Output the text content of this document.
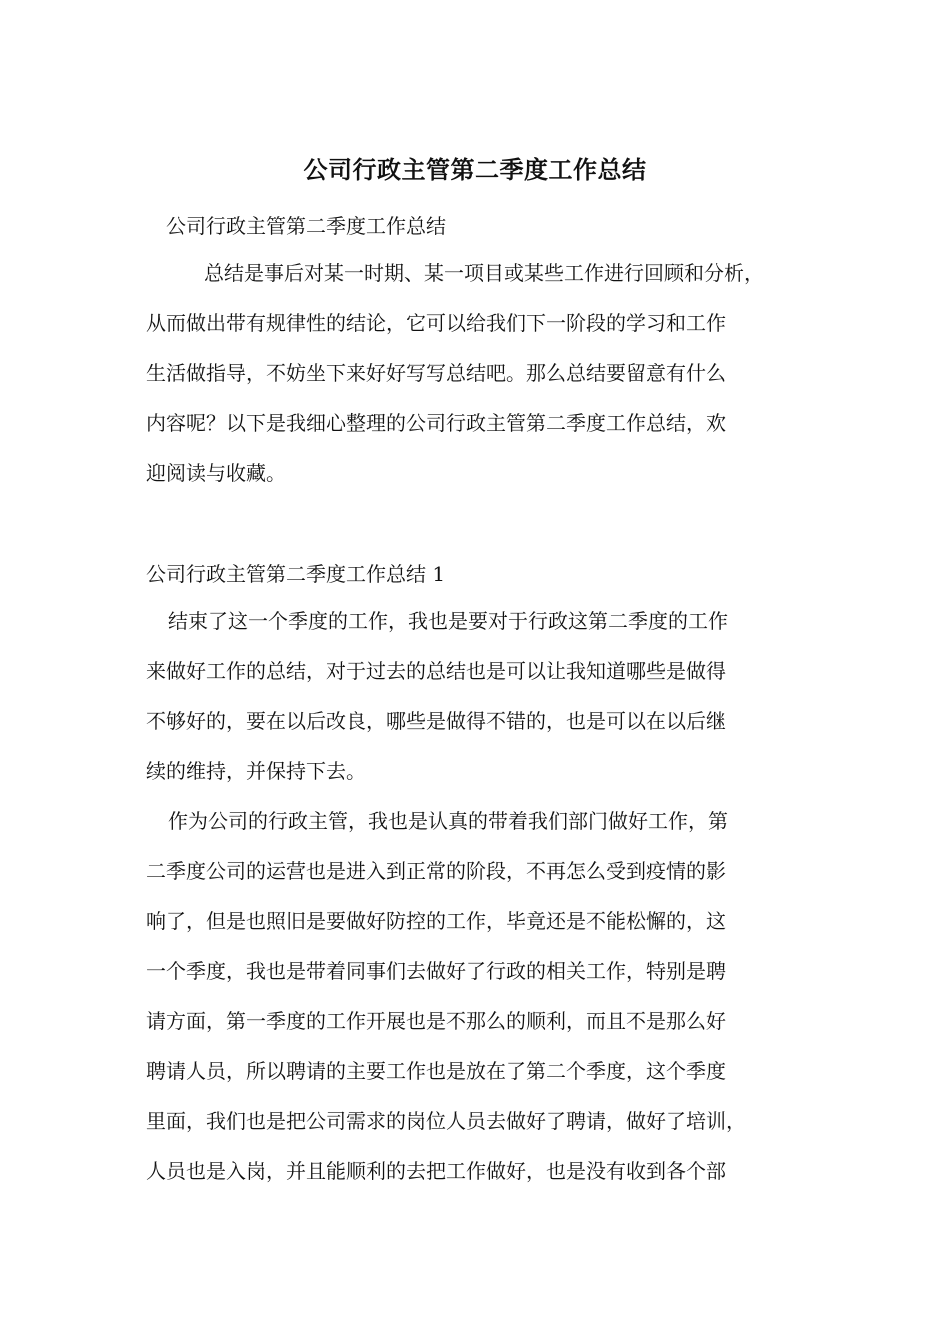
公司行政主管第二季度工作总结
公司行政主管第二季度工作总结
总结是事后对某一时期、某一项目或某些工作进行回顾和分析，
从而做出带有规律性的结论，它可以给我们下一阶段的学习和工作
生活做指导，不妨坐下来好好写写总结吧。那么总结要留意有什么
内容呢？以下是我细心整理的公司行政主管第二季度工作总结，欢
迎阅读与收藏。
公司行政主管第二季度工作总结 1
结束了这一个季度的工作，我也是要对于行政这第二季度的工作
来做好工作的总结，对于过去的总结也是可以让我知道哪些是做得
不够好的，要在以后改良，哪些是做得不错的，也是可以在以后继
续的维持，并保持下去。
作为公司的行政主管，我也是认真的带着我们部门做好工作，第
二季度公司的运营也是进入到正常的阶段，不再怎么受到疫情的影
响了，但是也照旧是要做好防控的工作，毕竟还是不能松懈的，这
一个季度，我也是带着同事们去做好了行政的相关工作，特别是聘
请方面，第一季度的工作开展也是不那么的顺利，而且不是那么好
聘请人员，所以聘请的主要工作也是放在了第二个季度，这个季度
里面，我们也是把公司需求的岗位人员去做好了聘请，做好了培训，
人员也是入岗，并且能顺利的去把工作做好，也是没有收到各个部
